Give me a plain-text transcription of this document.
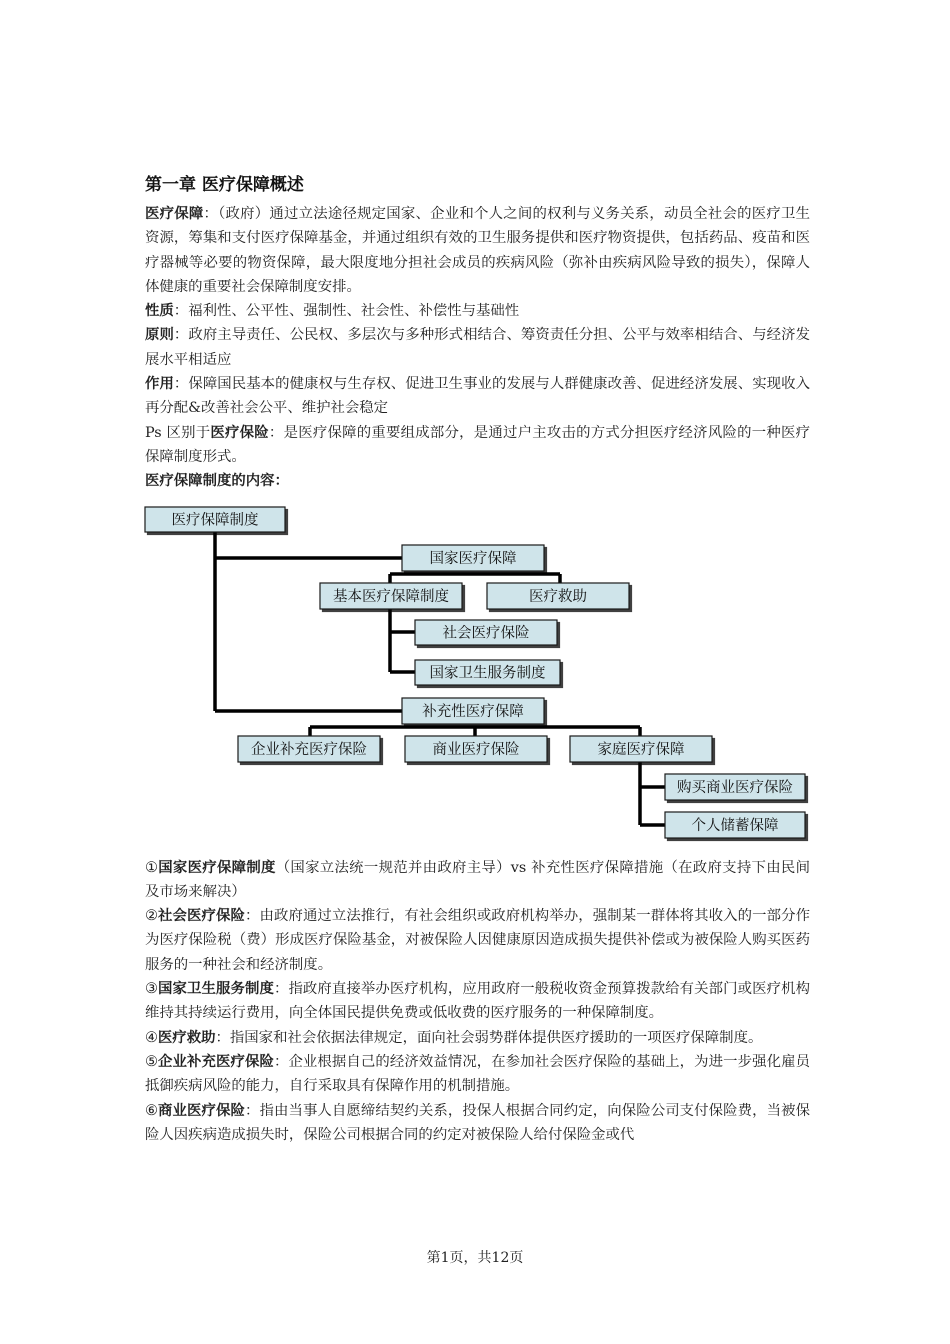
第一章 医疗保障概述

医疗保障：（政府）通过立法途径规定国家、企业和个人之间的权利与义务关系，动员全社会的医疗卫生资源，筹集和支付医疗保障基金，并通过组织有效的卫生服务提供和医疗物资提供，包括药品、疫苗和医疗器械等必要的物资保障，最大限度地分担社会成员的疾病风险（弥补由疾病风险导致的损失），保障人体健康的重要社会保障制度安排。

性质：福利性、公平性、强制性、社会性、补偿性与基础性

原则：政府主导责任、公民权、多层次与多种形式相结合、筹资责任分担、公平与效率相结合、与经济发展水平相适应

作用：保障国民基本的健康权与生存权、促进卫生事业的发展与人群健康改善、促进经济发展、实现收入再分配&改善社会公平、维护社会稳定

Ps 区别于医疗保险：是医疗保障的重要组成部分，是通过户主攻击的方式分担医疗经济风险的一种医疗保障制度形式。

医疗保障制度的内容：

①国家医疗保障制度（国家立法统一规范并由政府主导）vs 补充性医疗保障措施（在政府支持下由民间及市场来解决）

②社会医疗保险：由政府通过立法推行，有社会组织或政府机构举办，强制某一群体将其收入的一部分作为医疗保险税（费）形成医疗保险基金，对被保险人因健康原因造成损失提供补偿或为被保险人购买医药服务的一种社会和经济制度。

③国家卫生服务制度：指政府直接举办医疗机构，应用政府一般税收资金预算拨款给有关部门或医疗机构维持其持续运行费用，向全体国民提供免费或低收费的医疗服务的一种保障制度。

④医疗救助：指国家和社会依据法律规定，面向社会弱势群体提供医疗援助的一项医疗保障制度。

⑤企业补充医疗保险：企业根据自己的经济效益情况，在参加社会医疗保险的基础上，为进一步强化雇员抵御疾病风险的能力，自行采取具有保障作用的机制措施。

⑥商业医疗保险：指由当事人自愿缔结契约关系，投保人根据合同约定，向保险公司支付保险费，当被保险人因疾病造成损失时，保险公司根据合同的约定对被保险人给付保险金或代

医疗保障制度
国家医疗保障
基本医疗保障制度	医疗救助
社会医疗保险
国家卫生服务制度
补充性医疗保障
企业补充医疗保险	商业医疗保险	家庭医疗保障
购买商业医疗保险
个人储蓄保障
第1页，共12页
